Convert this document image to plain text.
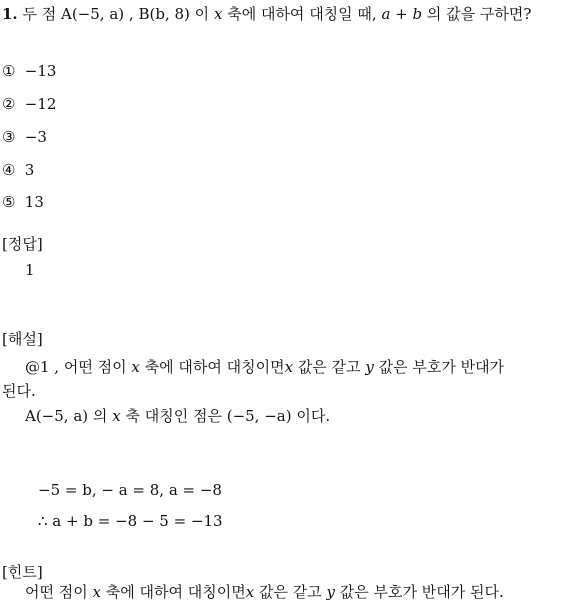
1. 두 점 A(−5, a) , B(b, 8) 이 x 축에 대하여 대칭일 때, a + b 의 값을 구하면?
① −13
② −12
③ −3
④ 3
⑤ 13
[정답]
1
[해설]
@1 , 어떤 점이 x 축에 대하여 대칭이면x 값은 같고 y 값은 부호가 반대가
된다.
A(−5, a) 의 x 축 대칭인 점은 (−5, −a) 이다.
−5 = b, − a = 8, a = −8
∴ a + b = −8 − 5 = −13
[힌트]
어떤 점이 x 축에 대하여 대칭이면x 값은 같고 y 값은 부호가 반대가 된다.
